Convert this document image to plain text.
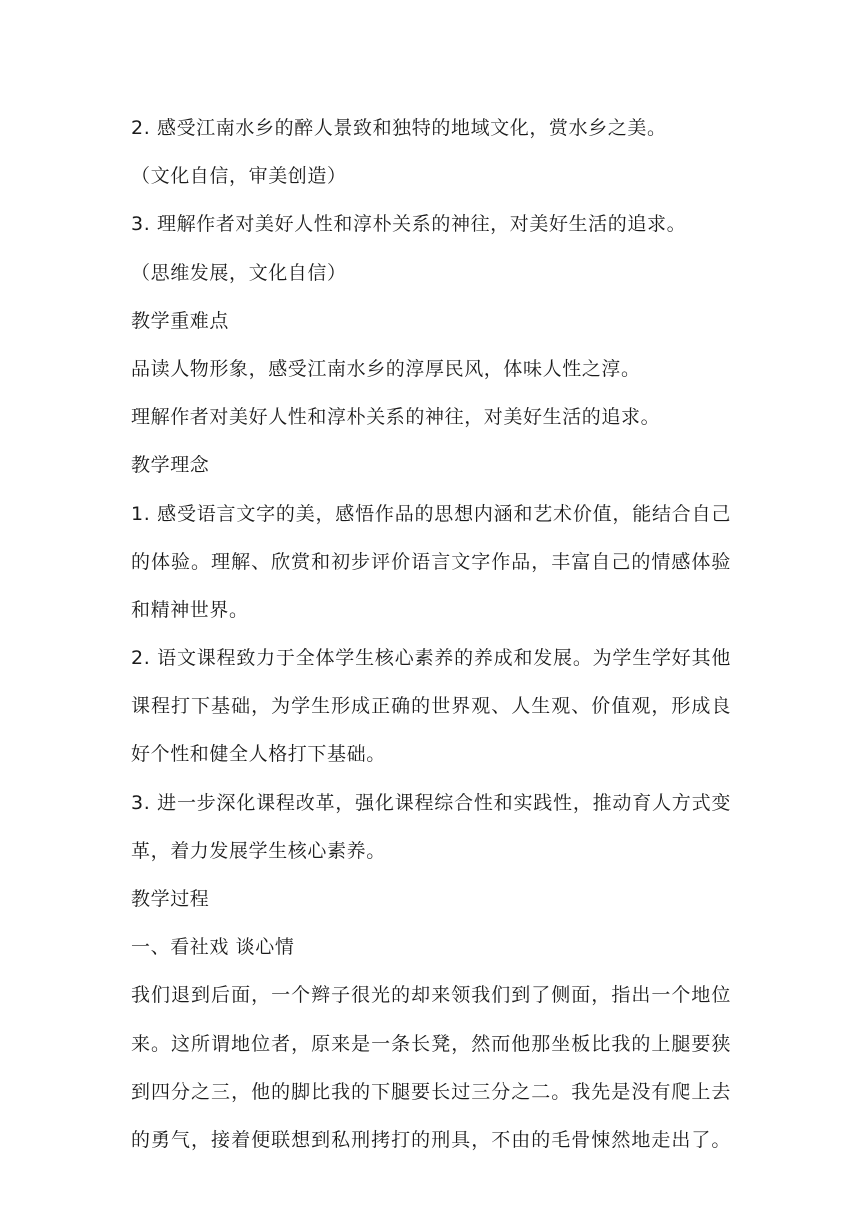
2. 感受江南水乡的醉人景致和独特的地域文化，赏水乡之美。
（文化自信，审美创造）
3. 理解作者对美好人性和淳朴关系的神往，对美好生活的追求。
（思维发展，文化自信）
教学重难点
品读人物形象，感受江南水乡的淳厚民风，体味人性之淳。
理解作者对美好人性和淳朴关系的神往，对美好生活的追求。
教学理念
1. 感受语言文字的美，感悟作品的思想内涵和艺术价值，能结合自己
的体验。理解、欣赏和初步评价语言文字作品，丰富自己的情感体验
和精神世界。
2. 语文课程致力于全体学生核心素养的养成和发展。为学生学好其他
课程打下基础，为学生形成正确的世界观、人生观、价值观，形成良
好个性和健全人格打下基础。
3. 进一步深化课程改革，强化课程综合性和实践性，推动育人方式变
革，着力发展学生核心素养。
教学过程
一、看社戏 谈心情
我们退到后面，一个辫子很光的却来领我们到了侧面，指出一个地位
来。这所谓地位者，原来是一条长凳，然而他那坐板比我的上腿要狭
到四分之三，他的脚比我的下腿要长过三分之二。我先是没有爬上去
的勇气，接着便联想到私刑拷打的刑具，不由的毛骨悚然地走出了。
